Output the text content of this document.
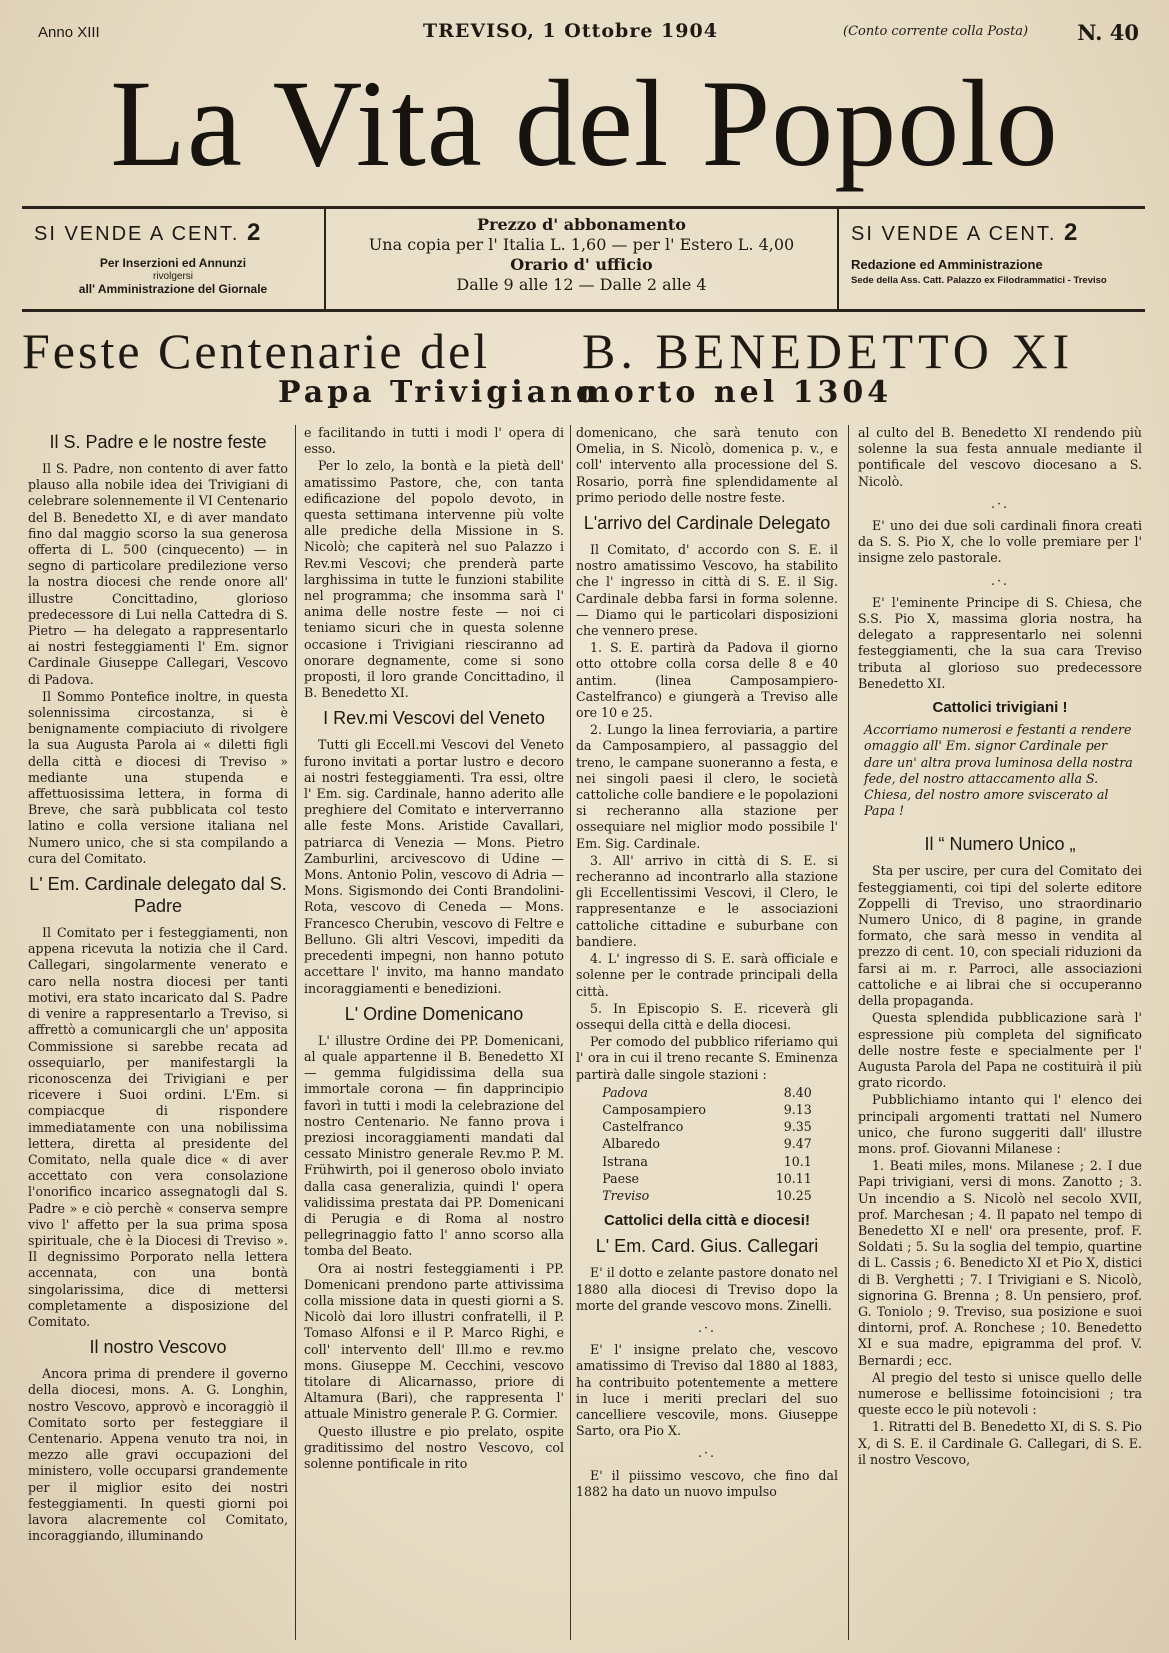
Anno XIII	TREVISO, 1 Ottobre 1904	(Conto corrente colla Posta) N. 40
La Vita del Popolo
SI VENDE A CENT. 2
Per Inserzioni ed Annunzi
rivolgersi
all' Amministrazione del Giornale
Prezzo d' abbonamento
Una copia per l' Italia L. 1,60 — per l' Estero L. 4,00
Orario d' ufficio
Dalle 9 alle 12 — Dalle 2 alle 4
SI VENDE A CENT. 2
Redazione ed Amministrazione
Sede della Ass. Catt. Palazzo ex Filodrammatici - Treviso
Feste Centenarie del B. BENEDETTO XI
Papa Trivigiano
morto nel 1304
Il S. Padre e le nostre feste

Il S. Padre, non contento di aver fatto plauso alla nobile idea dei Trivigiani di celebrare solennemente il VI Centenario del B. Benedetto XI, e di aver mandato fino dal maggio scorso la sua generosa offerta di L. 500 (cinquecento) — in segno di particolare predilezione verso la nostra diocesi che rende onore all' illustre Concittadino, glorioso predecessore di Lui nella Cattedra di S. Pietro — ha delegato a rappresentarlo ai nostri festeggiamenti l' Em. signor Cardinale Giuseppe Callegari, Vescovo di Padova.

Il Sommo Pontefice inoltre, in questa solennissima circostanza, si è benignamente compiaciuto di rivolgere la sua Augusta Parola ai « diletti figli della città e diocesi di Treviso » mediante una stupenda e affettuosissima lettera, in forma di Breve, che sarà pubblicata col testo latino e colla versione italiana nel Numero unico, che si sta compilando a cura del Comitato.

L' Em. Cardinale delegato dal S. Padre

Il Comitato per i festeggiamenti, non appena ricevuta la notizia che il Card. Callegari, singolarmente venerato e caro nella nostra diocesi per tanti motivi, era stato incaricato dal S. Padre di venire a rappresentarlo a Treviso, si affrettò a comunicargli che un' apposita Commissione si sarebbe recata ad ossequiarlo, per manifestargli la riconoscenza dei Trivigiani e per ricevere i Suoi ordini. L'Em. si compiacque di rispondere immediatamente con una nobilissima lettera, diretta al presidente del Comitato, nella quale dice « di aver accettato con vera consolazione l'onorifico incarico assegnatogli dal S. Padre » e ciò perchè « conserva sempre vivo l' affetto per la sua prima sposa spirituale, che è la Diocesi di Treviso ». Il degnissimo Porporato nella lettera accennata, con una bontà singolarissima, dice di mettersi completamente a disposizione del Comitato.

Il nostro Vescovo

Ancora prima di prendere il governo della diocesi, mons. A. G. Longhin, nostro Vescovo, approvò e incoraggiò il Comitato sorto per festeggiare il Centenario. Appena venuto tra noi, in mezzo alle gravi occupazioni del ministero, volle occuparsi grandemente per il miglior esito dei nostri festeggiamenti. In questi giorni poi lavora alacremente col Comitato, incoraggiando, illuminando

e facilitando in tutti i modi l' opera di esso.

Per lo zelo, la bontà e la pietà dell' amatissimo Pastore, che, con tanta edificazione del popolo devoto, in questa settimana intervenne più volte alle prediche della Missione in S. Nicolò; che capiterà nel suo Palazzo i Rev.mi Vescovi; che prenderà parte larghissima in tutte le funzioni stabilite nel programma; che insomma sarà l' anima delle nostre feste — noi ci teniamo sicuri che in questa solenne occasione i Trivigiani riesciranno ad onorare degnamente, come si sono proposti, il loro grande Concittadino, il B. Benedetto XI.

I Rev.mi Vescovi del Veneto

Tutti gli Eccell.mi Vescovi del Veneto furono invitati a portar lustro e decoro ai nostri festeggiamenti. Tra essi, oltre l' Em. sig. Cardinale, hanno aderito alle preghiere del Comitato e interverranno alle feste Mons. Aristide Cavallari, patriarca di Venezia — Mons. Pietro Zamburlini, arcivescovo di Udine — Mons. Antonio Polin, vescovo di Adria — Mons. Sigismondo dei Conti Brandolini-Rota, vescovo di Ceneda — Mons. Francesco Cherubin, vescovo di Feltre e Belluno. Gli altri Vescovi, impediti da precedenti impegni, non hanno potuto accettare l' invito, ma hanno mandato incoraggiamenti e benedizioni.

L' Ordine Domenicano

L' illustre Ordine dei PP. Domenicani, al quale appartenne il B. Benedetto XI — gemma fulgidissima della sua immortale corona — fin dapprincipio favorì in tutti i modi la celebrazione del nostro Centenario. Ne fanno prova i preziosi incoraggiamenti mandati dal cessato Ministro generale Rev.mo P. M. Frühwirth, poi il generoso obolo inviato dalla casa generalizia, quindi l' opera validissima prestata dai PP. Domenicani di Perugia e di Roma al nostro pellegrinaggio fatto l' anno scorso alla tomba del Beato.

Ora ai nostri festeggiamenti i PP. Domenicani prendono parte attivissima colla missione data in questi giorni a S. Nicolò dai loro illustri confratelli, il P. Tomaso Alfonsi e il P. Marco Righi, e coll' intervento dell' Ill.mo e rev.mo mons. Giuseppe M. Cecchini, vescovo titolare di Alicarnasso, priore di Altamura (Bari), che rappresenta l' attuale Ministro generale P. G. Cormier.

Questo illustre e pio prelato, ospite graditissimo del nostro Vescovo, col solenne pontificale in rito

domenicano, che sarà tenuto con Omelia, in S. Nicolò, domenica p. v., e coll' intervento alla processione del S. Rosario, porrà fine splendidamente al primo periodo delle nostre feste.

L'arrivo del Cardinale Delegato

Il Comitato, d' accordo con S. E. il nostro amatissimo Vescovo, ha stabilito che l' ingresso in città di S. E. il Sig. Cardinale debba farsi in forma solenne. — Diamo qui le particolari disposizioni che vennero prese.

1. S. E. partirà da Padova il giorno otto ottobre colla corsa delle 8 e 40 antim. (linea Camposampiero-Castelfranco) e giungerà a Treviso alle ore 10 e 25.

2. Lungo la linea ferroviaria, a partire da Camposampiero, al passaggio del treno, le campane suoneranno a festa, e nei singoli paesi il clero, le società cattoliche colle bandiere e le popolazioni si recheranno alla stazione per ossequiare nel miglior modo possibile l' Em. Sig. Cardinale.

3. All' arrivo in città di S. E. si recheranno ad incontrarlo alla stazione gli Eccellentissimi Vescovi, il Clero, le rappresentanze e le associazioni cattoliche cittadine e suburbane con bandiere.

4. L' ingresso di S. E. sarà officiale e solenne per le contrade principali della città.

5. In Episcopio S. E. riceverà gli ossequi della città e della diocesi.

Per comodo del pubblico riferiamo qui l' ora in cui il treno recante S. Eminenza partirà dalle singole stazioni :

Padova	8.40
Camposampiero	9.13
Castelfranco	9.35
Albaredo	9.47
Istrana	10.1
Paese	10.11
Treviso	10.25
Cattolici della città e diocesi!
L' Em. Card. Gius. Callegari

E' il dotto e zelante pastore donato nel 1880 alla diocesi di Treviso dopo la morte del grande vescovo mons. Zinelli.

.·.

E' l' insigne prelato che, vescovo amatissimo di Treviso dal 1880 al 1883, ha contribuito potentemente a mettere in luce i meriti preclari del suo cancelliere vescovile, mons. Giuseppe Sarto, ora Pio X.

.·.

E' il piissimo vescovo, che fino dal 1882 ha dato un nuovo impulso

al culto del B. Benedetto XI rendendo più solenne la sua festa annuale mediante il pontificale del vescovo diocesano a S. Nicolò.

.·.

E' uno dei due soli cardinali finora creati da S. S. Pio X, che lo volle premiare per l' insigne zelo pastorale.

.·.

E' l'eminente Principe di S. Chiesa, che S.S. Pio X, massima gloria nostra, ha delegato a rappresentarlo nei solenni festeggiamenti, che la sua cara Treviso tributa al glorioso suo predecessore Benedetto XI.

Cattolici trivigiani !

Accorriamo numerosi e festanti a rendere omaggio all' Em. signor Cardinale per dare un' altra prova luminosa della nostra fede, del nostro attaccamento alla S. Chiesa, del nostro amore sviscerato al Papa !

Il “ Numero Unico „

Sta per uscire, per cura del Comitato dei festeggiamenti, coi tipi del solerte editore Zoppelli di Treviso, uno straordinario Numero Unico, di 8 pagine, in grande formato, che sarà messo in vendita al prezzo di cent. 10, con speciali riduzioni da farsi ai m. r. Parroci, alle associazioni cattoliche e ai librai che si occuperanno della propaganda.

Questa splendida pubblicazione sarà l' espressione più completa del significato delle nostre feste e specialmente per l' Augusta Parola del Papa ne costituirà il più grato ricordo.

Pubblichiamo intanto qui l' elenco dei principali argomenti trattati nel Numero unico, che furono suggeriti dall' illustre mons. prof. Giovanni Milanese :

1. Beati miles, mons. Milanese ; 2. I due Papi trivigiani, versi di mons. Zanotto ; 3. Un incendio a S. Nicolò nel secolo XVII, prof. Marchesan ; 4. Il papato nel tempo di Benedetto XI e nell' ora presente, prof. F. Soldati ; 5. Su la soglia del tempio, quartine di L. Cassis ; 6. Benedicto XI et Pio X, distici di B. Verghetti ; 7. I Trivigiani e S. Nicolò, signorina G. Brenna ; 8. Un pensiero, prof. G. Toniolo ; 9. Treviso, sua posizione e suoi dintorni, prof. A. Ronchese ; 10. Benedetto XI e sua madre, epigramma del prof. V. Bernardi ; ecc.

Al pregio del testo si unisce quello delle numerose e bellissime fotoincisioni ; tra queste ecco le più notevoli :

1. Ritratti del B. Benedetto XI, di S. S. Pio X, di S. E. il Cardinale G. Callegari, di S. E. il nostro Vescovo,
